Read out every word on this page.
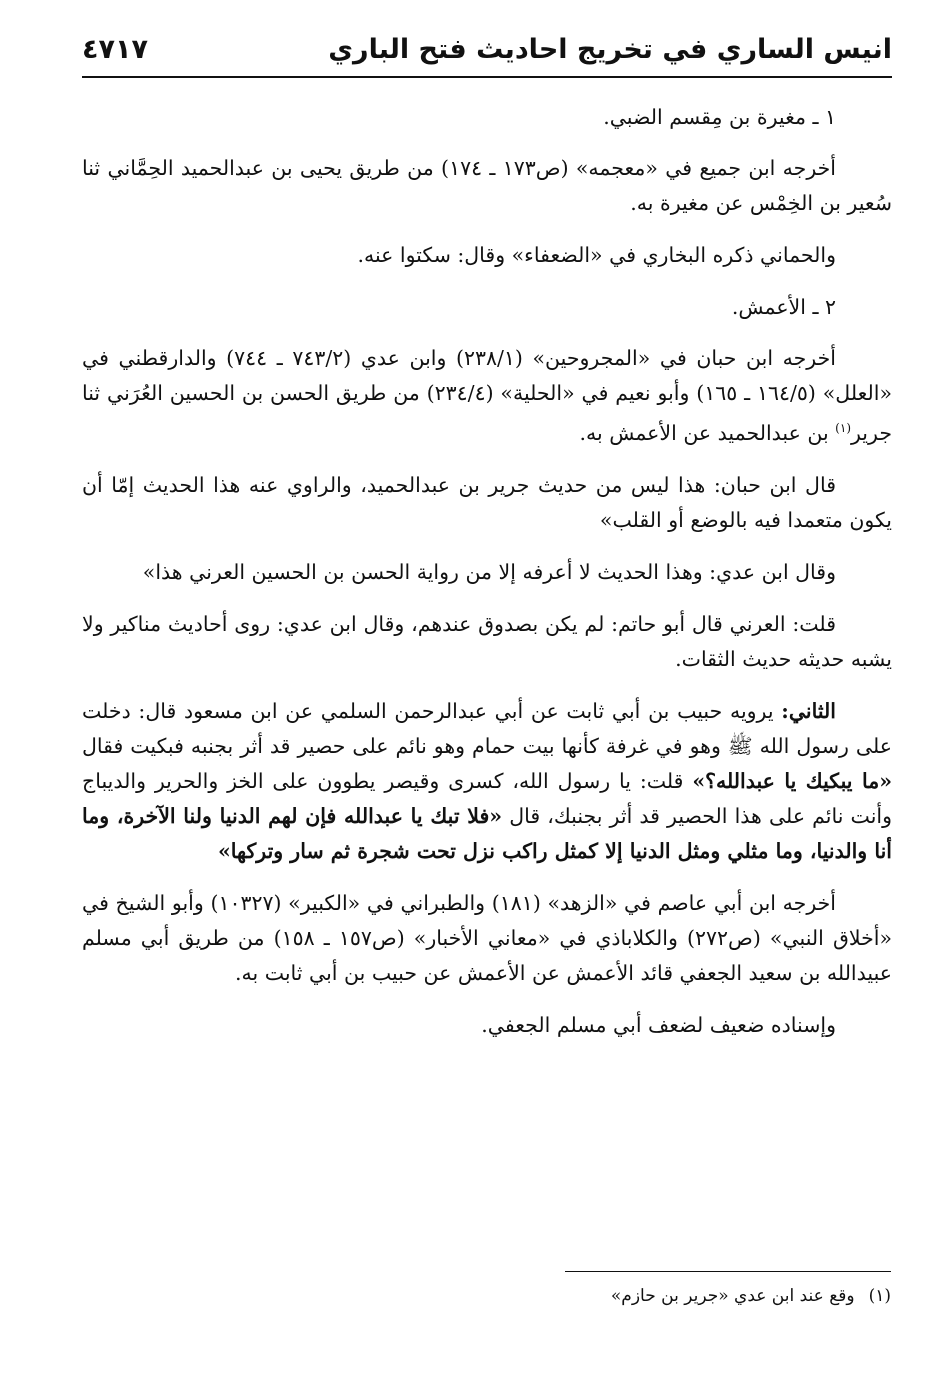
انيس الساري في تخريج احاديث فتح الباري
٤٧١٧

١ ـ مغيرة بن مِقسم الضبي.

أخرجه ابن جميع في «معجمه» (ص١٧٣ ـ ١٧٤) من طريق يحيى بن عبدالحميد الحِمَّاني ثنا سُعير بن الخِمْس عن مغيرة به.

والحماني ذكره البخاري في «الضعفاء» وقال: سكتوا عنه.

٢ ـ الأعمش.

أخرجه ابن حبان في «المجروحين» (٢٣٨/١) وابن عدي (٧٤٣/٢ ـ ٧٤٤) والدارقطني في «العلل» (١٦٤/٥ ـ ١٦٥) وأبو نعيم في «الحلية» (٢٣٤/٤) من طريق الحسن بن الحسين العُرَني ثنا جرير$^{(١)}$ بن عبدالحميد عن الأعمش به.

قال ابن حبان: هذا ليس من حديث جرير بن عبدالحميد، والراوي عنه هذا الحديث إمّا أن يكون متعمدا فيه بالوضع أو القلب»

وقال ابن عدي: وهذا الحديث لا أعرفه إلا من رواية الحسن بن الحسين العرني هذا»

قلت: العرني قال أبو حاتم: لم يكن بصدوق عندهم، وقال ابن عدي: روى أحاديث مناكير ولا يشبه حديثه حديث الثقات.

الثاني: يرويه حبيب بن أبي ثابت عن أبي عبدالرحمن السلمي عن ابن مسعود قال: دخلت على رسول الله ﷺ وهو في غرفة كأنها بيت حمام وهو نائم على حصير قد أثر بجنبه فبكيت فقال «ما يبكيك يا عبدالله؟» قلت: يا رسول الله، كسرى وقيصر يطوون على الخز والحرير والديباج وأنت نائم على هذا الحصير قد أثر بجنبك، قال «فلا تبك يا عبدالله فإن لهم الدنيا ولنا الآخرة، وما أنا والدنيا، وما مثلي ومثل الدنيا إلا كمثل راكب نزل تحت شجرة ثم سار وتركها»

أخرجه ابن أبي عاصم في «الزهد» (١٨١) والطبراني في «الكبير» (١٠٣٢٧) وأبو الشيخ في «أخلاق النبي» (ص٢٧٢) والكلاباذي في «معاني الأخبار» (ص١٥٧ ـ ١٥٨) من طريق أبي مسلم عبيدالله بن سعيد الجعفي قائد الأعمش عن الأعمش عن حبيب بن أبي ثابت به.

وإسناده ضعيف لضعف أبي مسلم الجعفي.

(١)وقع عند ابن عدي «جرير بن حازم»
